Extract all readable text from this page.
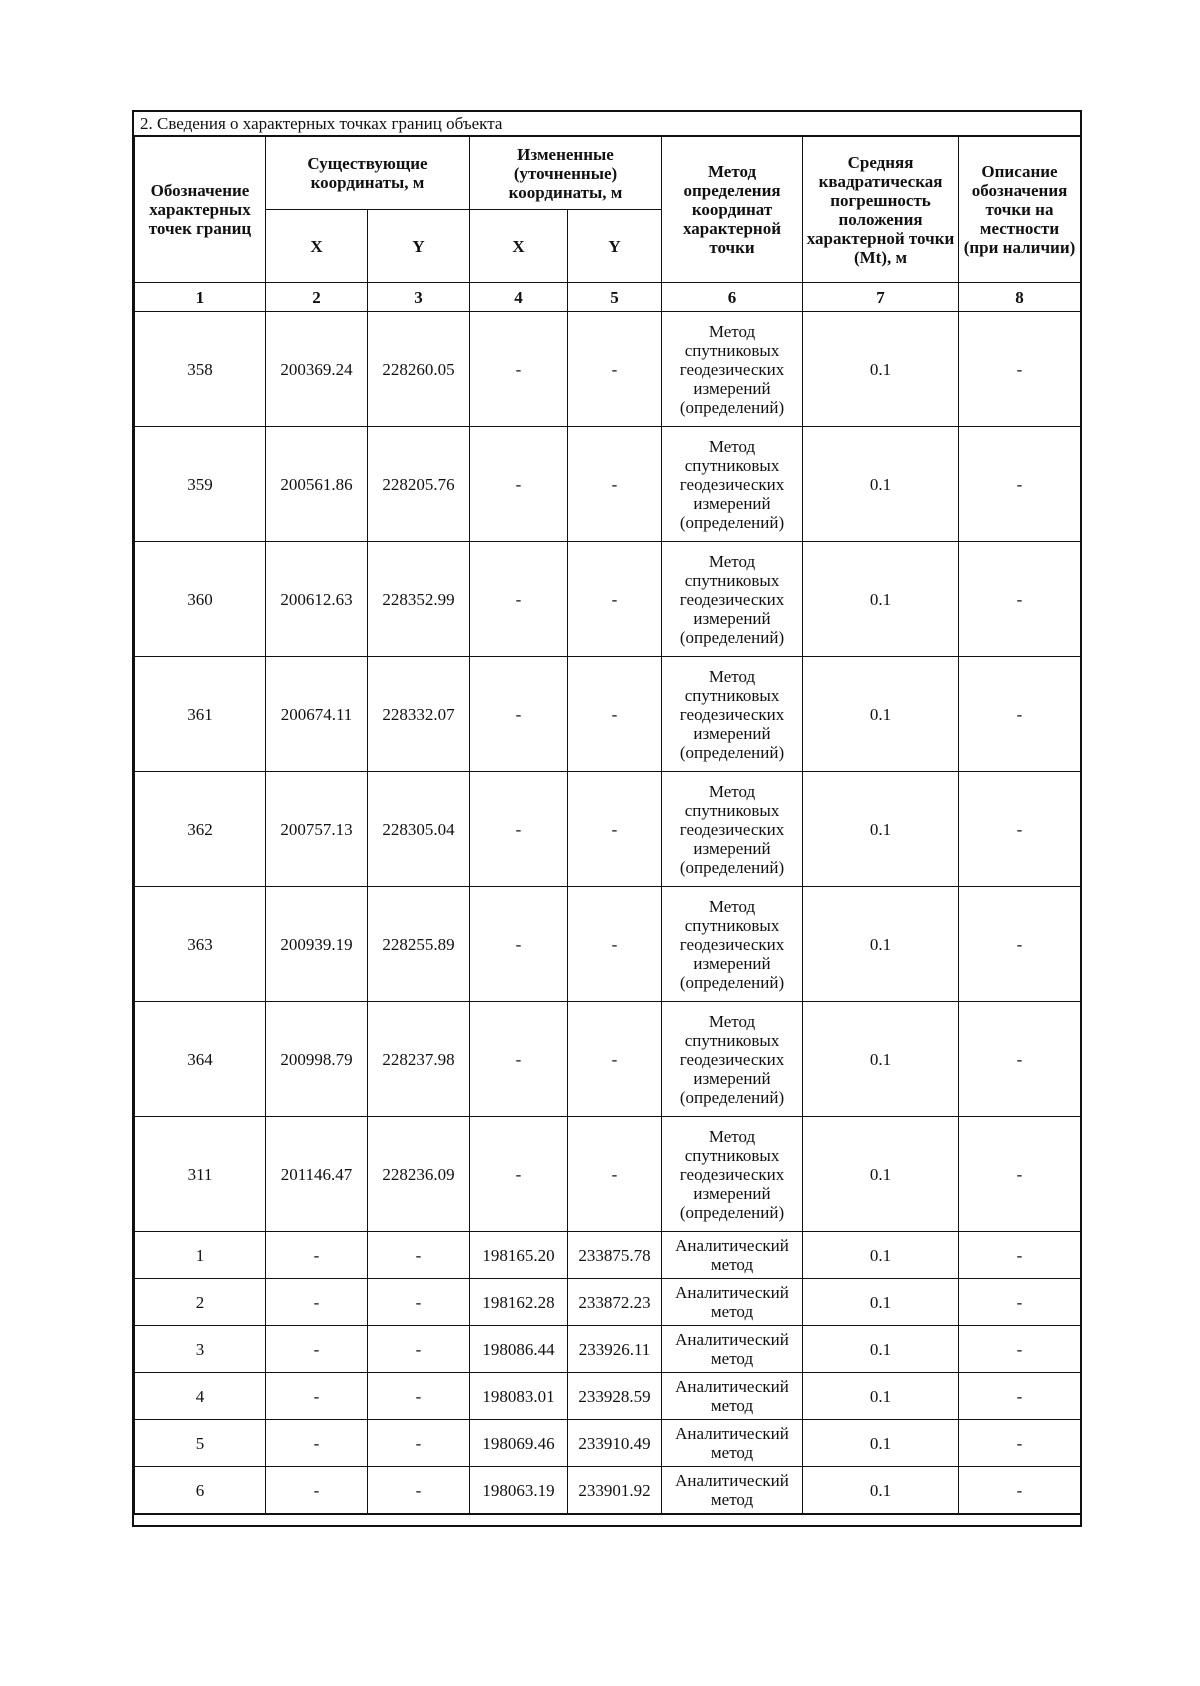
2. Сведения о характерных точках границ объекта
Обозначение характерных точек границ	Существующие координаты, м		Измененные (уточненные) координаты, м		Метод определения координат характерной точки	Средняя квадратическая погрешность положения характерной точки (Mt), м	Описание обозначения точки на местности (при наличии)
	X	Y	X	Y			
1	2	3	4	5	6	7	8
358	200369.24	228260.05	-	-	Метод спутниковых геодезических измерений (определений)	0.1	-
359	200561.86	228205.76	-	-	Метод спутниковых геодезических измерений (определений)	0.1	-
360	200612.63	228352.99	-	-	Метод спутниковых геодезических измерений (определений)	0.1	-
361	200674.11	228332.07	-	-	Метод спутниковых геодезических измерений (определений)	0.1	-
362	200757.13	228305.04	-	-	Метод спутниковых геодезических измерений (определений)	0.1	-
363	200939.19	228255.89	-	-	Метод спутниковых геодезических измерений (определений)	0.1	-
364	200998.79	228237.98	-	-	Метод спутниковых геодезических измерений (определений)	0.1	-
311	201146.47	228236.09	-	-	Метод спутниковых геодезических измерений (определений)	0.1	-
1	-	-	198165.20	233875.78	Аналитический метод	0.1	-
2	-	-	198162.28	233872.23	Аналитический метод	0.1	-
3	-	-	198086.44	233926.11	Аналитический метод	0.1	-
4	-	-	198083.01	233928.59	Аналитический метод	0.1	-
5	-	-	198069.46	233910.49	Аналитический метод	0.1	-
6	-	-	198063.19	233901.92	Аналитический метод	0.1	-
